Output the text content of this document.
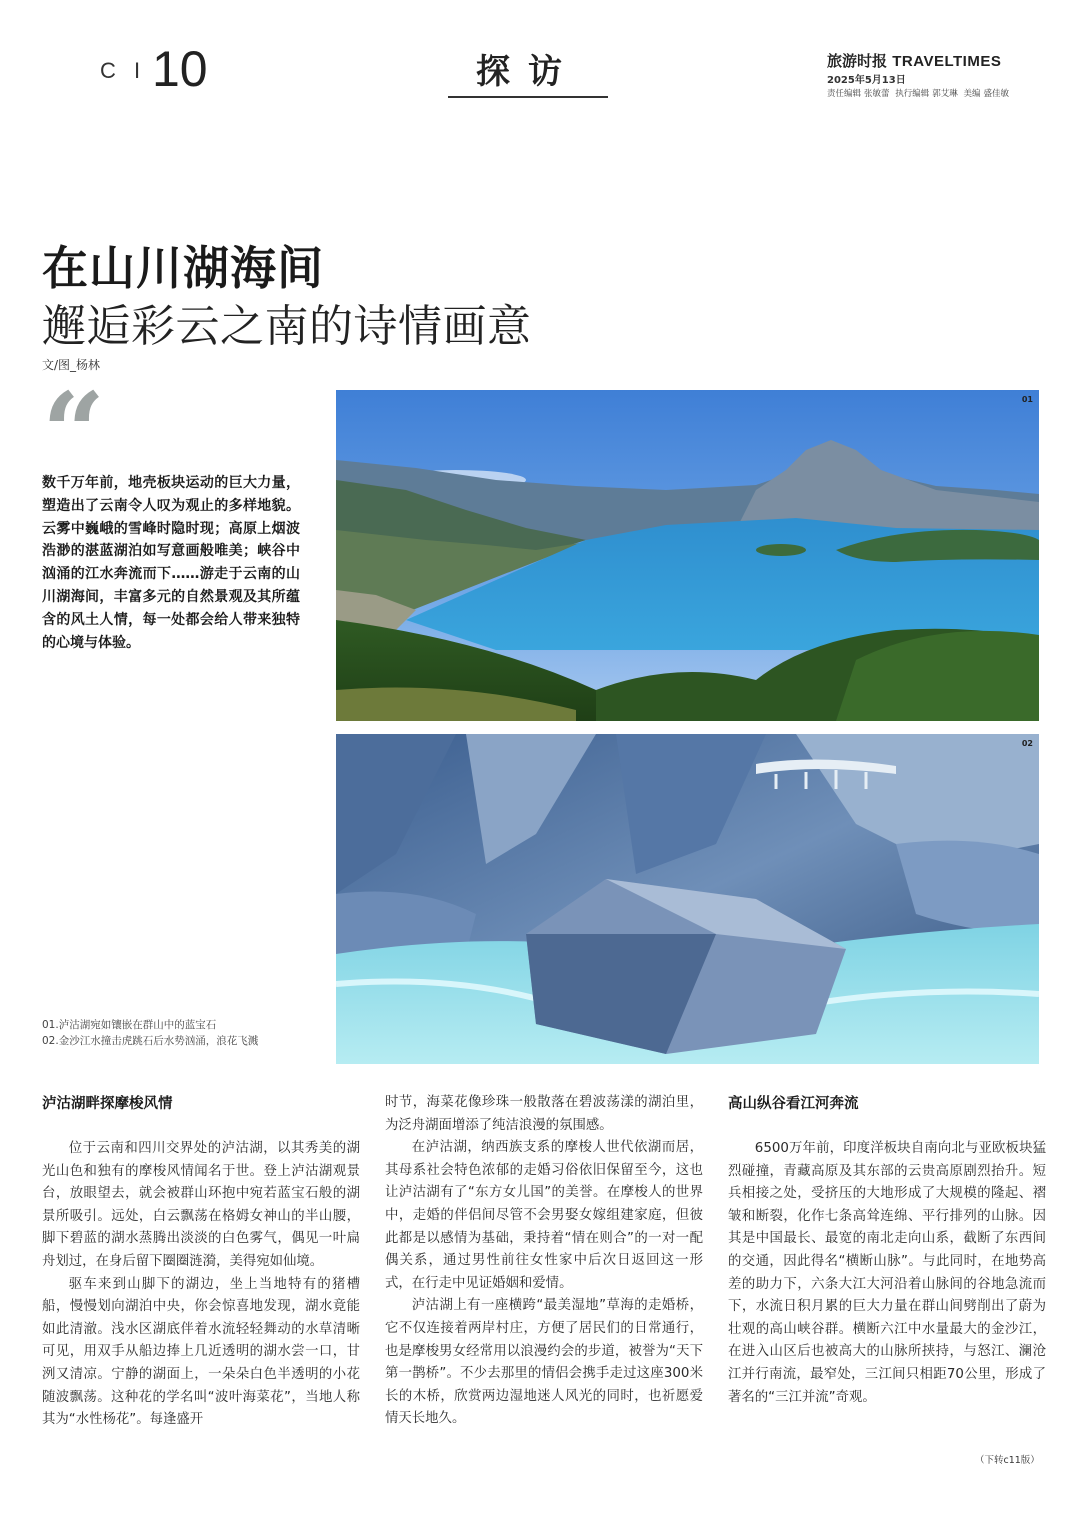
C I 10	探访	旅游时报 TRAVELTIMES
2025年5月13日
责任编辑 张敏蕾 执行编辑 郭艾琳 美编 盛佳敏
在山川湖海间
邂逅彩云之南的诗情画意
文/图_杨林
“
数千万年前，地壳板块运动的巨大力量，塑造出了云南令人叹为观止的多样地貌。云雾中巍峨的雪峰时隐时现；高原上烟波浩渺的湛蓝湖泊如写意画般唯美；峡谷中汹涌的江水奔流而下……游走于云南的山川湖海间，丰富多元的自然景观及其所蕴含的风土人情，每一处都会给人带来独特的心境与体验。
01
02
01.泸沽湖宛如镶嵌在群山中的蓝宝石
02.金沙江水撞击虎跳石后水势汹涌，浪花飞溅
泸沽湖畔探摩梭风情

位于云南和四川交界处的泸沽湖，以其秀美的湖光山色和独有的摩梭风情闻名于世。登上泸沽湖观景台，放眼望去，就会被群山环抱中宛若蓝宝石般的湖景所吸引。远处，白云飘荡在格姆女神山的半山腰，脚下碧蓝的湖水蒸腾出淡淡的白色雾气，偶见一叶扁舟划过，在身后留下圈圈涟漪，美得宛如仙境。

驱车来到山脚下的湖边，坐上当地特有的猪槽船，慢慢划向湖泊中央，你会惊喜地发现，湖水竟能如此清澈。浅水区湖底伴着水流轻轻舞动的水草清晰可见，用双手从船边捧上几近透明的湖水尝一口，甘洌又清凉。宁静的湖面上，一朵朵白色半透明的小花随波飘荡。这种花的学名叫“波叶海菜花”，当地人称其为“水性杨花”。每逢盛开

时节，海菜花像珍珠一般散落在碧波荡漾的湖泊里，为泛舟湖面增添了纯洁浪漫的氛围感。

在泸沽湖，纳西族支系的摩梭人世代依湖而居，其母系社会特色浓郁的走婚习俗依旧保留至今，这也让泸沽湖有了“东方女儿国”的美誉。在摩梭人的世界中，走婚的伴侣间尽管不会男娶女嫁组建家庭，但彼此都是以感情为基础，秉持着“情在则合”的一对一配偶关系，通过男性前往女性家中后次日返回这一形式，在行走中见证婚姻和爱情。

泸沽湖上有一座横跨“最美湿地”草海的走婚桥，它不仅连接着两岸村庄，方便了居民们的日常通行，也是摩梭男女经常用以浪漫约会的步道，被誉为“天下第一鹊桥”。不少去那里的情侣会携手走过这座300米长的木桥，欣赏两边湿地迷人风光的同时，也祈愿爱情天长地久。

高山纵谷看江河奔流

6500万年前，印度洋板块自南向北与亚欧板块猛烈碰撞，青藏高原及其东部的云贵高原剧烈抬升。短兵相接之处，受挤压的大地形成了大规模的隆起、褶皱和断裂，化作七条高耸连绵、平行排列的山脉。因其是中国最长、最宽的南北走向山系，截断了东西间的交通，因此得名“横断山脉”。与此同时，在地势高差的助力下，六条大江大河沿着山脉间的谷地急流而下，水流日积月累的巨大力量在群山间劈削出了蔚为壮观的高山峡谷群。横断六江中水量最大的金沙江，在进入山区后也被高大的山脉所挟持，与怒江、澜沧江并行南流，最窄处，三江间只相距70公里，形成了著名的“三江并流”奇观。

（下转c11版）
